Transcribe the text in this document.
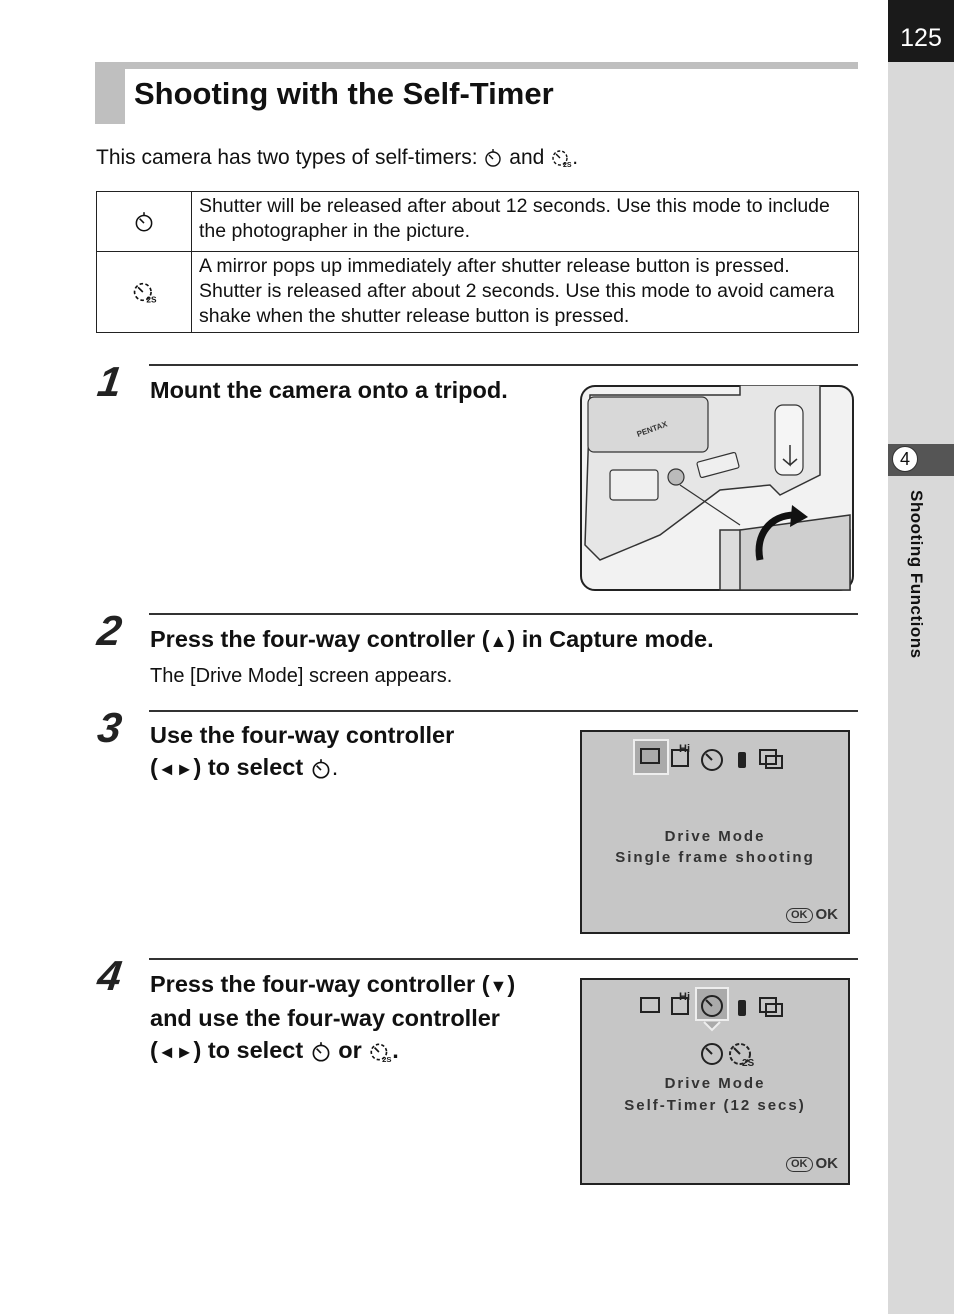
125
4
Shooting Functions
Shooting with the Self-Timer
This camera has two types of self-timers:  and 2S .
	Shutter will be released after about 12 seconds. Use this mode to include the photographer in the picture.

2S	A mirror pops up immediately after shutter release button is pressed. Shutter is released after about 2 seconds. Use this mode to avoid camera shake when the shutter release button is pressed.
1 Mount the camera onto a tripod.
PENTAX
2 Press the four-way controller (▲) in Capture mode.
The [Drive Mode] screen appears.
3 Use the four-way controller
(◄►) to select .
Hi
Drive Mode
Single frame shooting
OK OK
4 Press the four-way controller (▼)
and use the four-way controller
(◄►) to select  or 2S .
Hi
2S
Drive Mode
Self-Timer (12 secs)
OK OK
